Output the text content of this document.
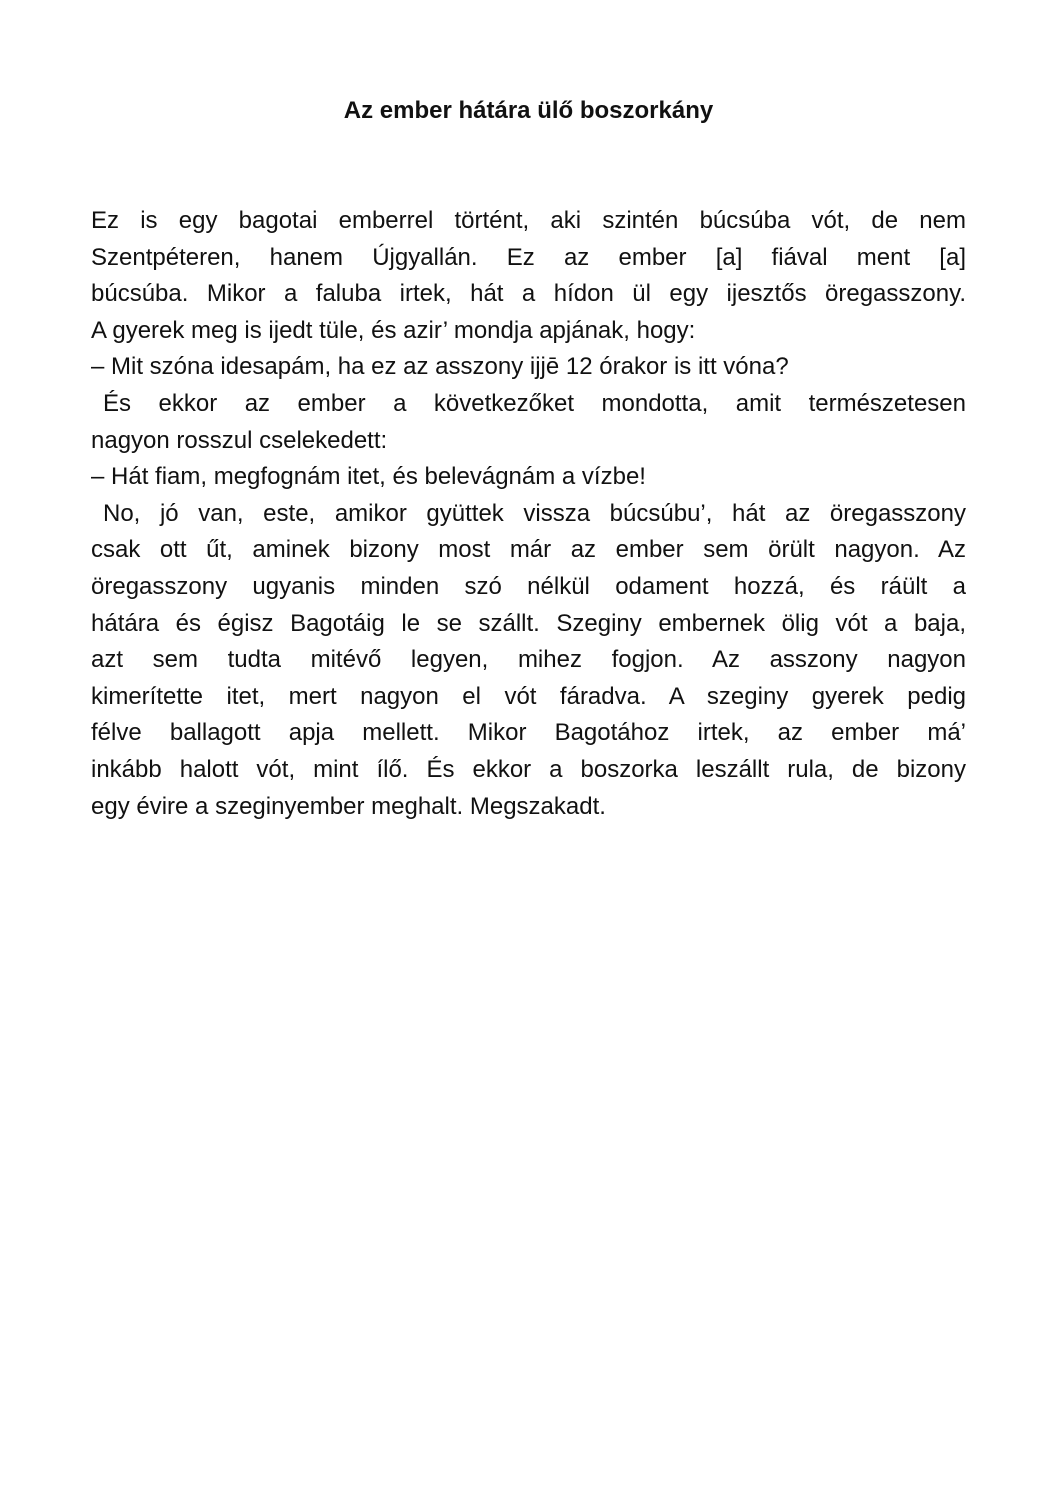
Az ember hátára ülő boszorkány
Ez is egy bagotai emberrel történt, aki szintén búcsúba vót, de nem
Szentpéteren, hanem Újgyallán. Ez az ember [a] fiával ment [a]
búcsúba. Mikor a faluba irtek, hát a hídon ül egy ijesztős öregasszony.
A gyerek meg is ijedt tüle, és azir’ mondja apjának, hogy:
– Mit szóna idesapám, ha ez az asszony ijjē 12 órakor is itt vóna?
És ekkor az ember a következőket mondotta, amit természetesen
nagyon rosszul cselekedett:
– Hát fiam, megfognám itet, és belevágnám a vízbe!
No, jó van, este, amikor gyüttek vissza búcsúbu’, hát az öregasszony
csak ott űt, aminek bizony most már az ember sem örült nagyon. Az
öregasszony ugyanis minden szó nélkül odament hozzá, és ráült a
hátára és égisz Bagotáig le se szállt. Szeginy embernek ölig vót a baja,
azt sem tudta mitévő legyen, mihez fogjon. Az asszony nagyon
kimerítette itet, mert nagyon el vót fáradva. A szeginy gyerek pedig
félve ballagott apja mellett. Mikor Bagotához irtek, az ember má’
inkább halott vót, mint ílő. És ekkor a boszorka leszállt rula, de bizony
egy évire a szeginyember meghalt. Megszakadt.
